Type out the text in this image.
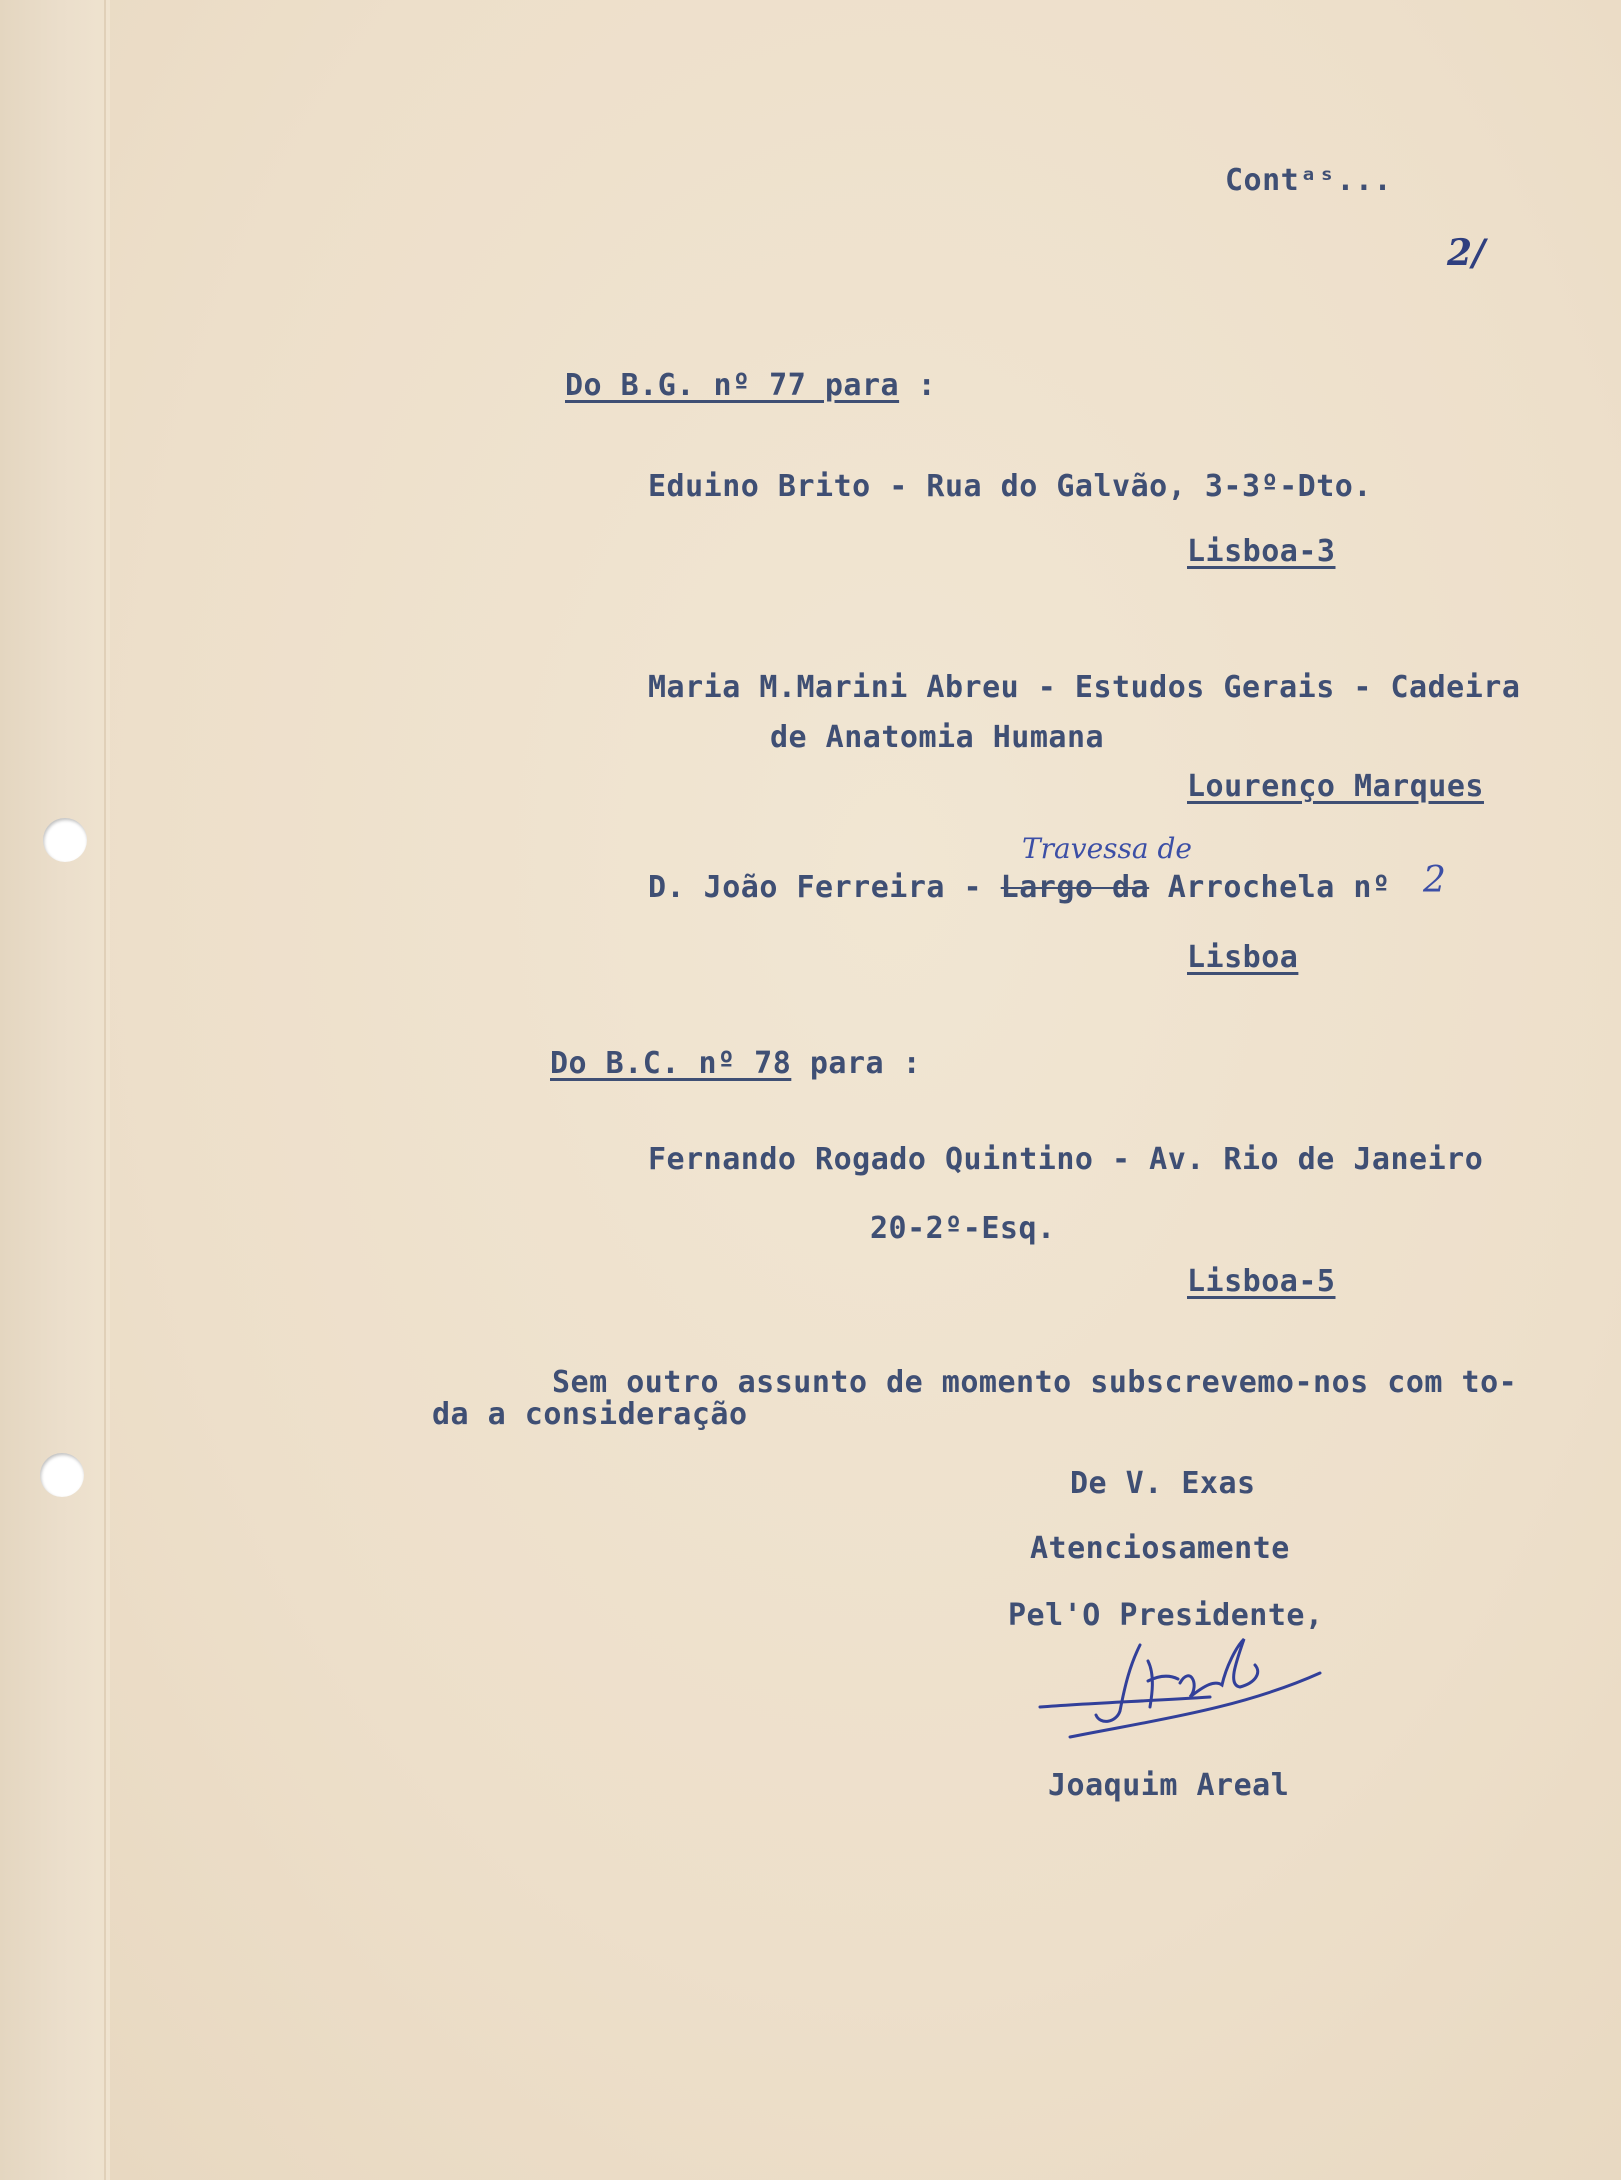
Contᵃˢ...
2/
Do B.G. nº 77 para :
Eduino Brito - Rua do Galvão, 3-3º-Dto.
Lisboa-3
Maria M.Marini Abreu - Estudos Gerais - Cadeira
de Anatomia Humana
Lourenço Marques
Travessa de
D. João Ferreira - Largo da Arrochela nº 2
Lisboa
Do B.C. nº 78 para :
Fernando Rogado Quintino - Av. Rio de Janeiro
20-2º-Esq.
Lisboa-5
Sem outro assunto de momento subscrevemo-nos com to-
da a consideração
De V. Exas
Atenciosamente
Pel'O Presidente,
Joaquim Areal
